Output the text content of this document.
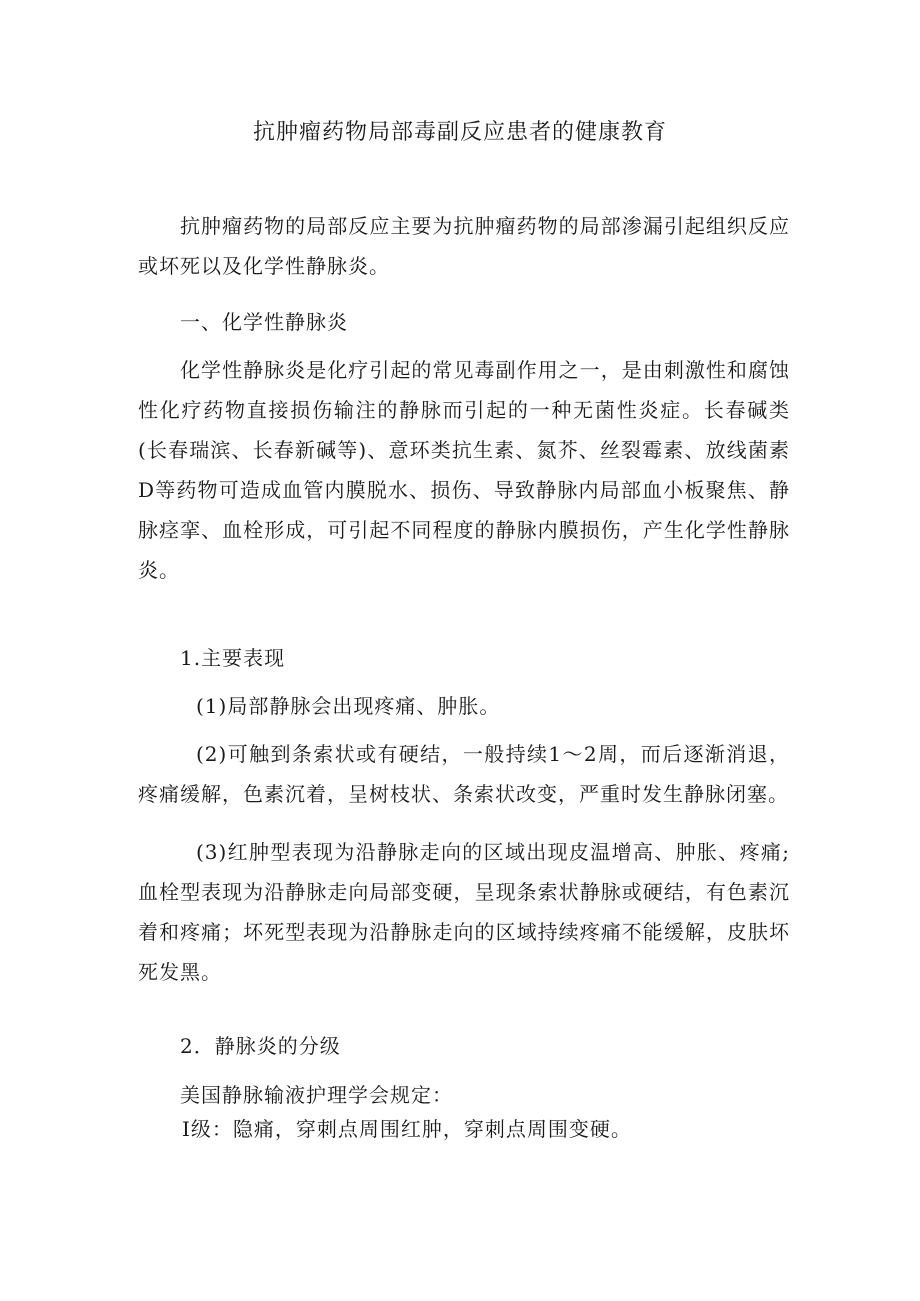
抗肿瘤药物局部毒副反应患者的健康教育

抗肿瘤药物的局部反应主要为抗肿瘤药物的局部渗漏引起组织反应或坏死以及化学性静脉炎。

一、化学性静脉炎

化学性静脉炎是化疗引起的常见毒副作用之一，是由刺激性和腐蚀性化疗药物直接损伤输注的静脉而引起的一种无菌性炎症。长春碱类(长春瑞滨、长春新碱等)、意环类抗生素、氮芥、丝裂霉素、放线菌素D等药物可造成血管内膜脱水、损伤、导致静脉内局部血小板聚焦、静脉痉挛、血栓形成，可引起不同程度的静脉内膜损伤，产生化学性静脉炎。

1.主要表现

(1)局部静脉会出现疼痛、肿胀。

(2)可触到条索状或有硬结，一般持续1～2周，而后逐渐消退，疼痛缓解，色素沉着，呈树枝状、条索状改变，严重时发生静脉闭塞。

(3)红肿型表现为沿静脉走向的区域出现皮温增高、肿胀、疼痛;血栓型表现为沿静脉走向局部变硬，呈现条索状静脉或硬结，有色素沉着和疼痛；坏死型表现为沿静脉走向的区域持续疼痛不能缓解，皮肤坏死发黑。

2．静脉炎的分级

美国静脉输液护理学会规定：

Ⅰ级：隐痛，穿刺点周围红肿，穿刺点周围变硬。
